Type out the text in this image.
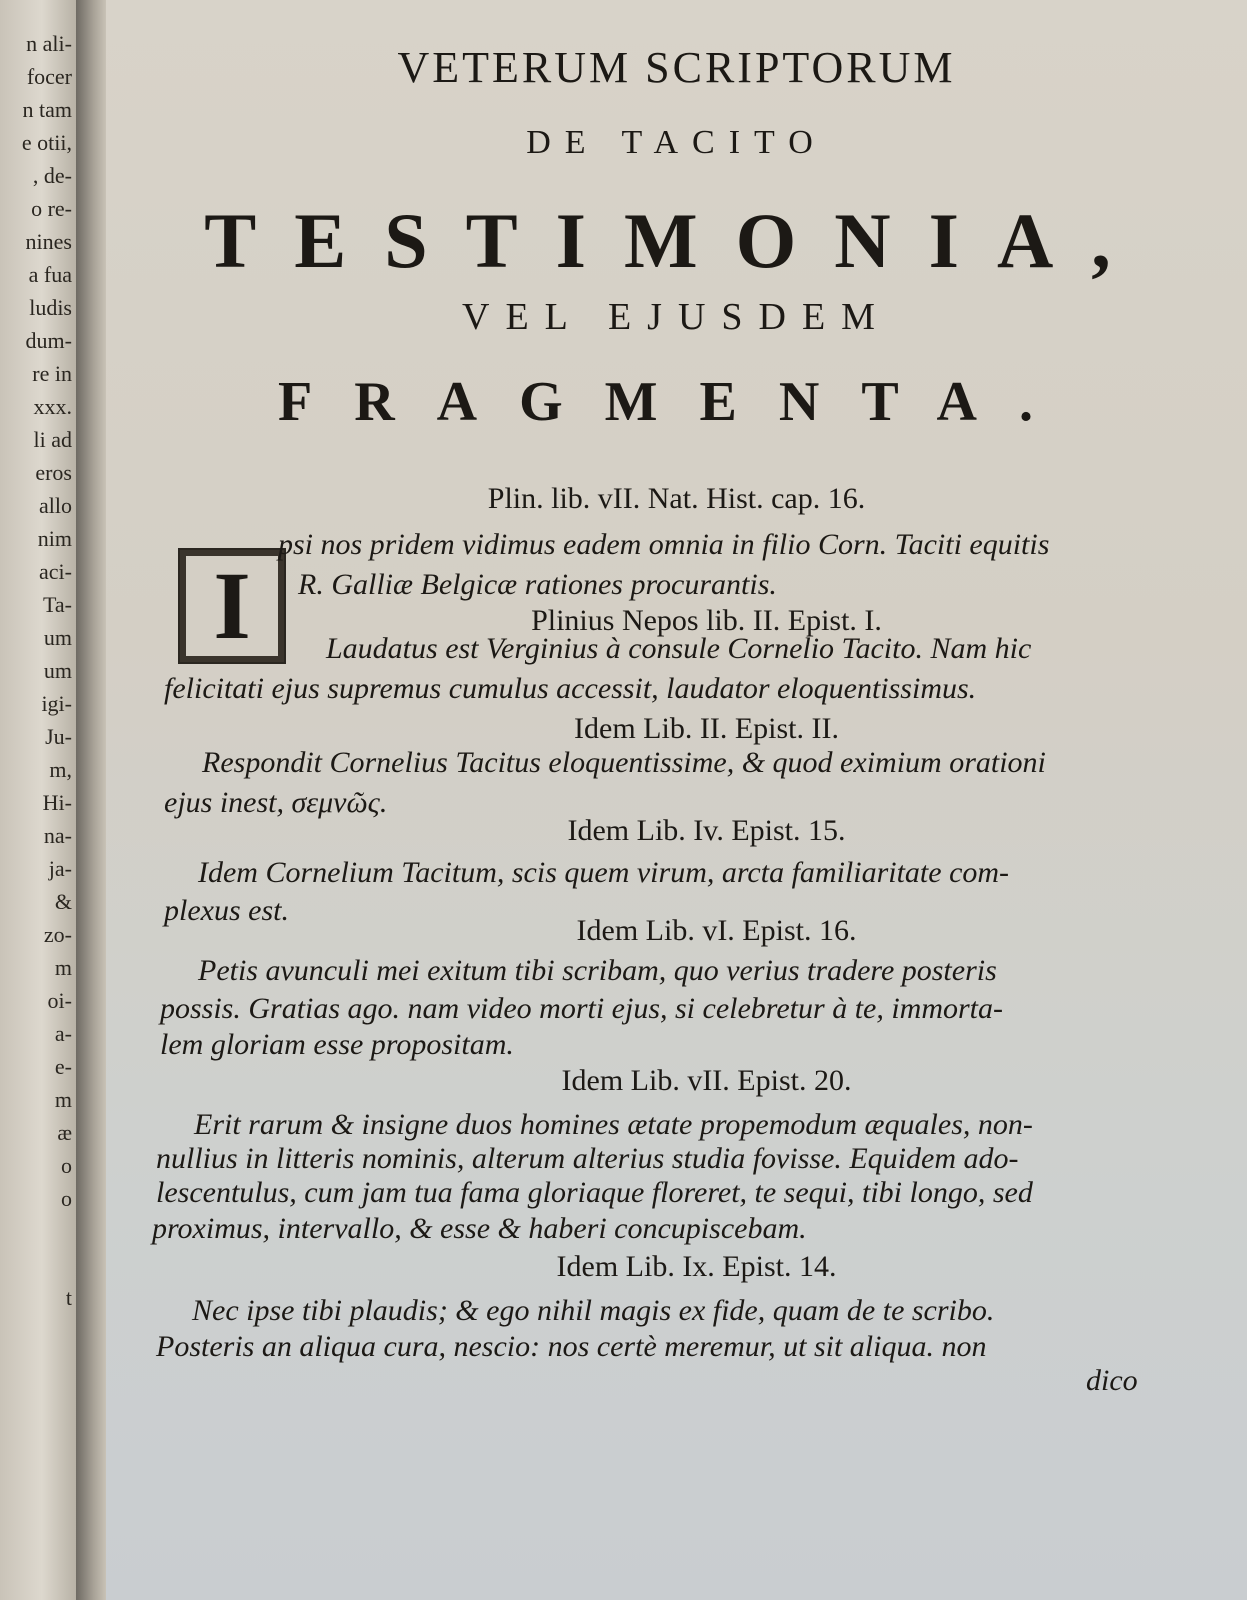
n ali-
focer
n tam
e otii,
, de-
o re-
nines
a fua
ludis
dum-
re in
xxx.
li ad
eros
allo
nim
aci-
Ta-
um
um
igi-
Ju-
m,
Hi-
na-
ja-
&
zo-
m
oi-
a-
e-
m
æ
o
o
t
VETERUM SCRIPTORUM
DE TACITO
TESTIMONIA,
VEL EJUSDEM
FRAGMENTA.
Plin. lib. vII. Nat. Hist. cap. 16.
I
psi nos pridem vidimus eadem omnia in filio Corn. Taciti equitis
R. Galliæ Belgicæ rationes procurantis.
Plinius Nepos lib. II. Epist. I.
Laudatus est Verginius à consule Cornelio Tacito. Nam hic
felicitati ejus supremus cumulus accessit, laudator eloquentissimus.
Idem Lib. II. Epist. II.
Respondit Cornelius Tacitus eloquentissime, & quod eximium orationi
ejus inest, σεμνῶς.
Idem Lib. Iv. Epist. 15.
Idem Cornelium Tacitum, scis quem virum, arcta familiaritate com-
plexus est.
Idem Lib. vI. Epist. 16.
Petis avunculi mei exitum tibi scribam, quo verius tradere posteris
possis. Gratias ago. nam video morti ejus, si celebretur à te, immorta-
lem gloriam esse propositam.
Idem Lib. vII. Epist. 20.
Erit rarum & insigne duos homines ætate propemodum æquales, non-
nullius in litteris nominis, alterum alterius studia fovisse. Equidem ado-
lescentulus, cum jam tua fama gloriaque floreret, te sequi, tibi longo, sed
proximus, intervallo, & esse & haberi concupiscebam.
Idem Lib. Ix. Epist. 14.
Nec ipse tibi plaudis; & ego nihil magis ex fide, quam de te scribo.
Posteris an aliqua cura, nescio: nos certè meremur, ut sit aliqua. non
dico
